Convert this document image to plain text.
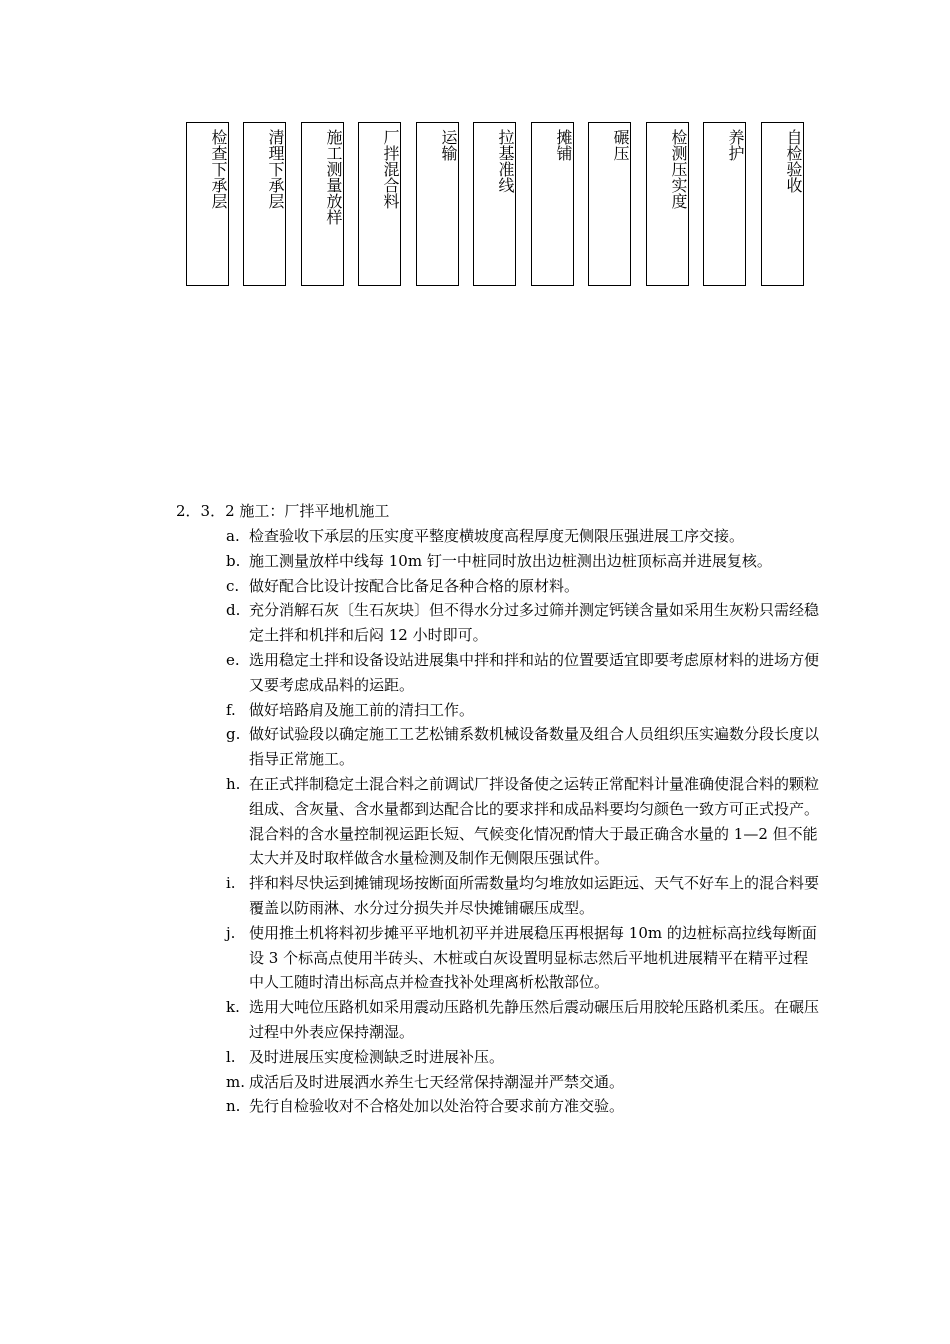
检查下承层 清理下承层 施工测量放样 厂拌混合料 运输 拉基准线 摊铺 碾压 检测压实度 养护 自检验收
2．3．2 施工：厂拌平地机施工
a. 检查验收下承层的压实度平整度横坡度高程厚度无侧限压强进展工序交接。
b. 施工测量放样中线每 10m 钉一中桩同时放出边桩测出边桩顶标高并进展复核。
c. 做好配合比设计按配合比备足各种合格的原材料。
d. 充分消解石灰〔生石灰块〕但不得水分过多过筛并测定钙镁含量如采用生灰粉只需经稳定土拌和机拌和后闷 12 小时即可。
e. 选用稳定土拌和设备设站进展集中拌和拌和站的位置要适宜即要考虑原材料的进场方便又要考虑成品料的运距。
f. 做好培路肩及施工前的清扫工作。
g. 做好试验段以确定施工工艺松铺系数机械设备数量及组合人员组织压实遍数分段长度以指导正常施工。
h. 在正式拌制稳定土混合料之前调试厂拌设备使之运转正常配料计量准确使混合料的颗粒组成、含灰量、含水量都到达配合比的要求拌和成品料要均匀颜色一致方可正式投产。混合料的含水量控制视运距长短、气候变化情况酌情大于最正确含水量的 1—2 但不能太大并及时取样做含水量检测及制作无侧限压强试件。
i. 拌和料尽快运到摊铺现场按断面所需数量均匀堆放如运距远、天气不好车上的混合料要覆盖以防雨淋、水分过分损失并尽快摊铺碾压成型。
j. 使用推土机将料初步摊平平地机初平并进展稳压再根据每 10m 的边桩标高拉线每断面设 3 个标高点使用半砖头、木桩或白灰设置明显标志然后平地机进展精平在精平过程中人工随时清出标高点并检查找补处理离析松散部位。
k. 选用大吨位压路机如采用震动压路机先静压然后震动碾压后用胶轮压路机柔压。在碾压过程中外表应保持潮湿。
l. 及时进展压实度检测缺乏时进展补压。
m. 成活后及时进展洒水养生七天经常保持潮湿并严禁交通。
n. 先行自检验收对不合格处加以处治符合要求前方准交验。
